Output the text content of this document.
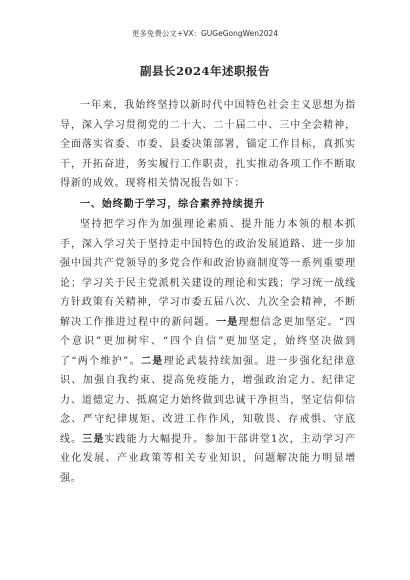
更多免费公文+VX：GUGeGongWen2024
副县长2024年述职报告

一年来，我始终坚持以新时代中国特色社会主义思想为指导，深入学习贯彻党的二十大、二十届二中、三中全会精神，全面落实省委、市委、县委决策部署，锚定工作目标，真抓实干，开拓奋进，务实履行工作职责，扎实推动各项工作不断取得新的成效。现将相关情况报告如下：

一、始终勤于学习，综合素养持续提升

坚持把学习作为加强理论素质、提升能力本领的根本抓手，深入学习关于坚持走中国特色的政治发展道路、进一步加强中国共产党领导的多党合作和政治协商制度等一系列重要理论；学习关于民主党派机关建设的理论和实践；学习统一战线方针政策有关精神，学习市委五届八次、九次全会精神，不断解决工作推进过程中的新问题。一是理想信念更加坚定。“四个意识”更加树牢、“四个自信”更加坚定，始终坚决做到了“两个维护”。二是理论武装持续加强。进一步强化纪律意识、加强自我约束、提高免疫能力，增强政治定力、纪律定力、道德定力、抵腐定力始终做到忠诚干净担当，坚定信仰信念、严守纪律规矩、改进工作作风，知敬畏、存戒惧、守底线。三是实践能力大幅提升。参加干部讲堂1次，主动学习产业化发展、产业政策等相关专业知识，问题解决能力明显增强。
